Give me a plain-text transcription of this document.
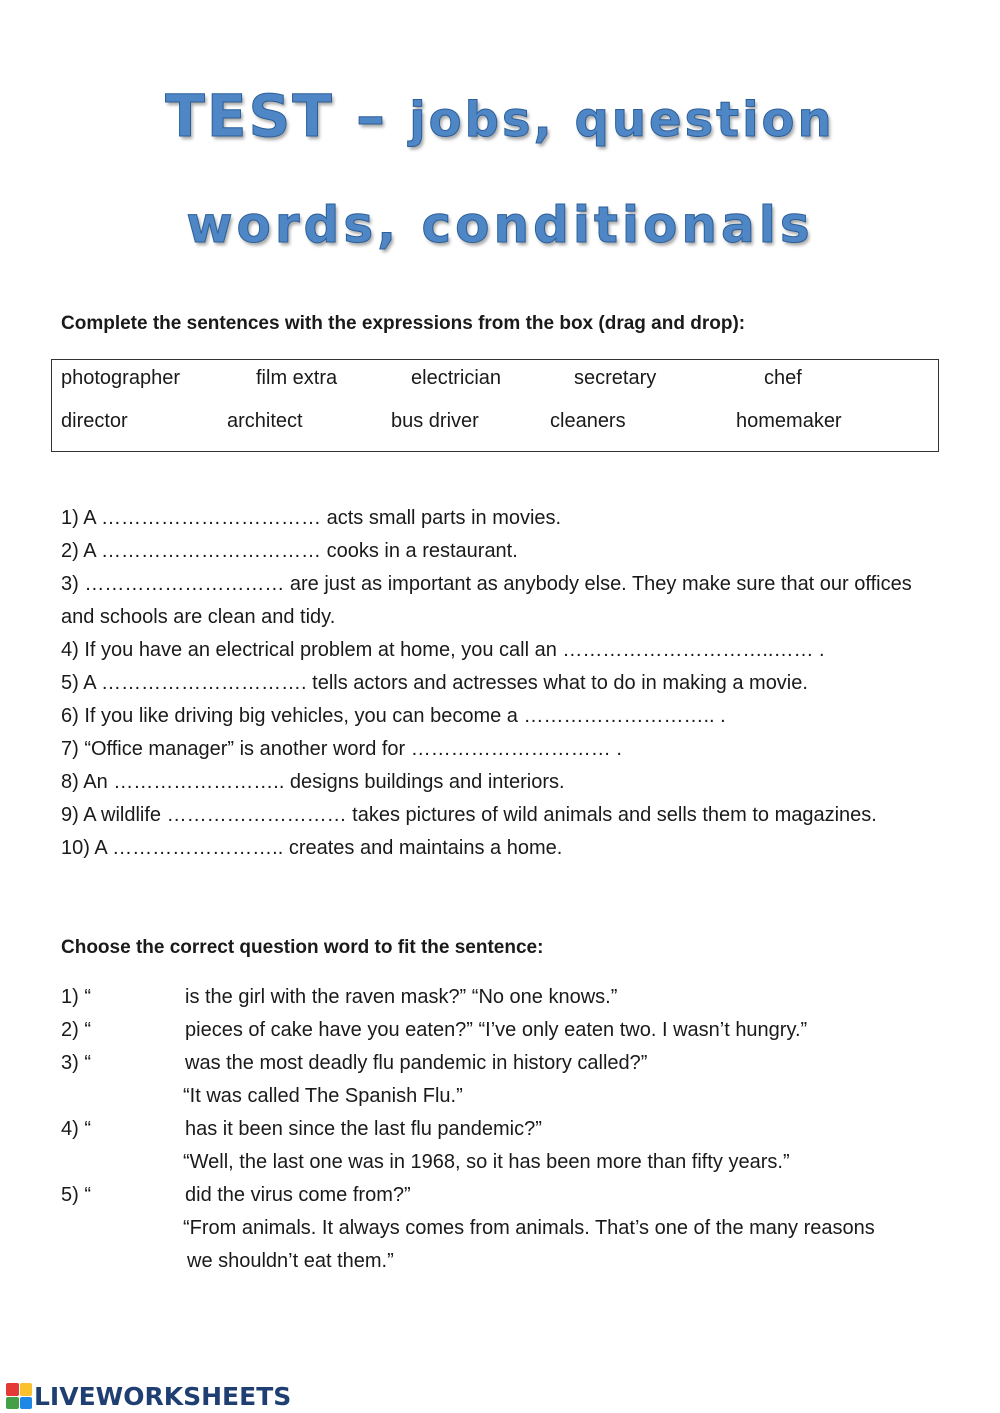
TEST – jobs, question
words, conditionals

Complete the sentences with the expressions from the box (drag and drop):

photographer	film extra	electrician	secretary	chef
director	architect	bus driver	cleaners	homemaker

1) A …………………………… acts small parts in movies.

2) A …………………………… cooks in a restaurant.

3) ………………………… are just as important as anybody else. They make sure that our offices

and schools are clean and tidy.

4) If you have an electrical problem at home, you call an …………………………..…… .

5) A …………………………. tells actors and actresses what to do in making a movie.

6) If you like driving big vehicles, you can become a ……………………….. .

7) “Office manager” is another word for ………………………… .

8) An …………………….. designs buildings and interiors.

9) A wildlife ……………………… takes pictures of wild animals and sells them to magazines.

10) A …………………….. creates and maintains a home.

Choose the correct question word to fit the sentence:

1) “	is the girl with the raven mask?” “No one knows.”
2) “	pieces of cake have you eaten?” “I’ve only eaten two. I wasn’t hungry.”
3) “	was the most deadly flu pandemic in history called?”
“It was called The Spanish Flu.”
4) “	has it been since the last flu pandemic?”
“Well, the last one was in 1968, so it has been more than fifty years.”
5) “	did the virus come from?”
“From animals. It always comes from animals. That’s one of the many reasons
we shouldn’t eat them.”
LIVEWORKSHEETS
